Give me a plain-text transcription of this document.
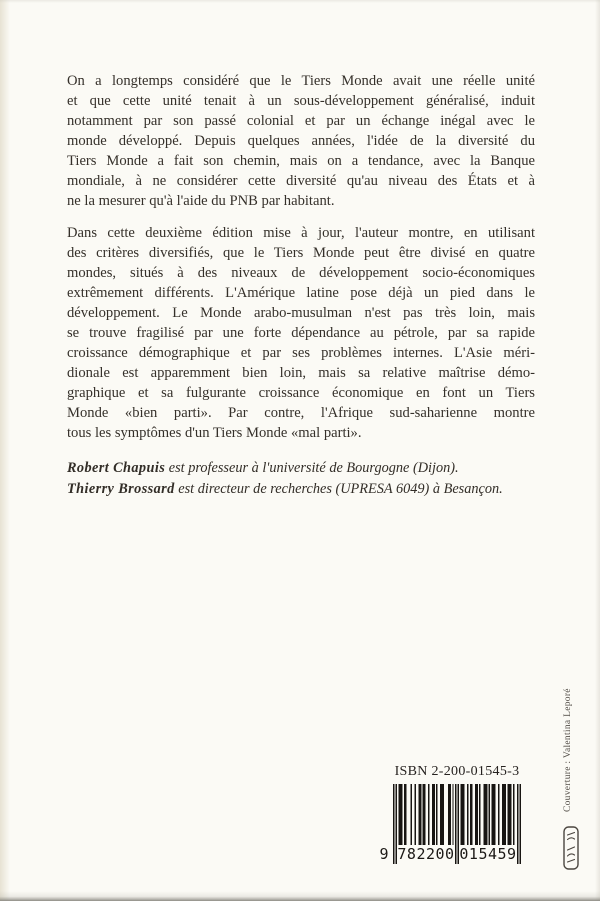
On a longtemps considéré que le Tiers Monde avait une réelle unité
et que cette unité tenait à un sous-développement généralisé, induit
notamment par son passé colonial et par un échange inégal avec le
monde développé. Depuis quelques années, l'idée de la diversité du
Tiers Monde a fait son chemin, mais on a tendance, avec la Banque
mondiale, à ne considérer cette diversité qu'au niveau des États et à
ne la mesurer qu'à l'aide du PNB par habitant.
Dans cette deuxième édition mise à jour, l'auteur montre, en utilisant
des critères diversifiés, que le Tiers Monde peut être divisé en quatre
mondes, situés à des niveaux de développement socio-économiques
extrêmement différents. L'Amérique latine pose déjà un pied dans le
développement. Le Monde arabo-musulman n'est pas très loin, mais
se trouve fragilisé par une forte dépendance au pétrole, par sa rapide
croissance démographique et par ses problèmes internes. L'Asie méri-
dionale est apparemment bien loin, mais sa relative maîtrise démo-
graphique et sa fulgurante croissance économique en font un Tiers
Monde «bien parti». Par contre, l'Afrique sud-saharienne montre
tous les symptômes d'un Tiers Monde «mal parti».
Robert Chapuis est professeur à l'université de Bourgogne (Dijon).
Thierry Brossard est directeur de recherches (UPRESA 6049) à Besançon.
ISBN 2-200-01545-3
9 782200 015459
Couverture : Valentina Leporé
